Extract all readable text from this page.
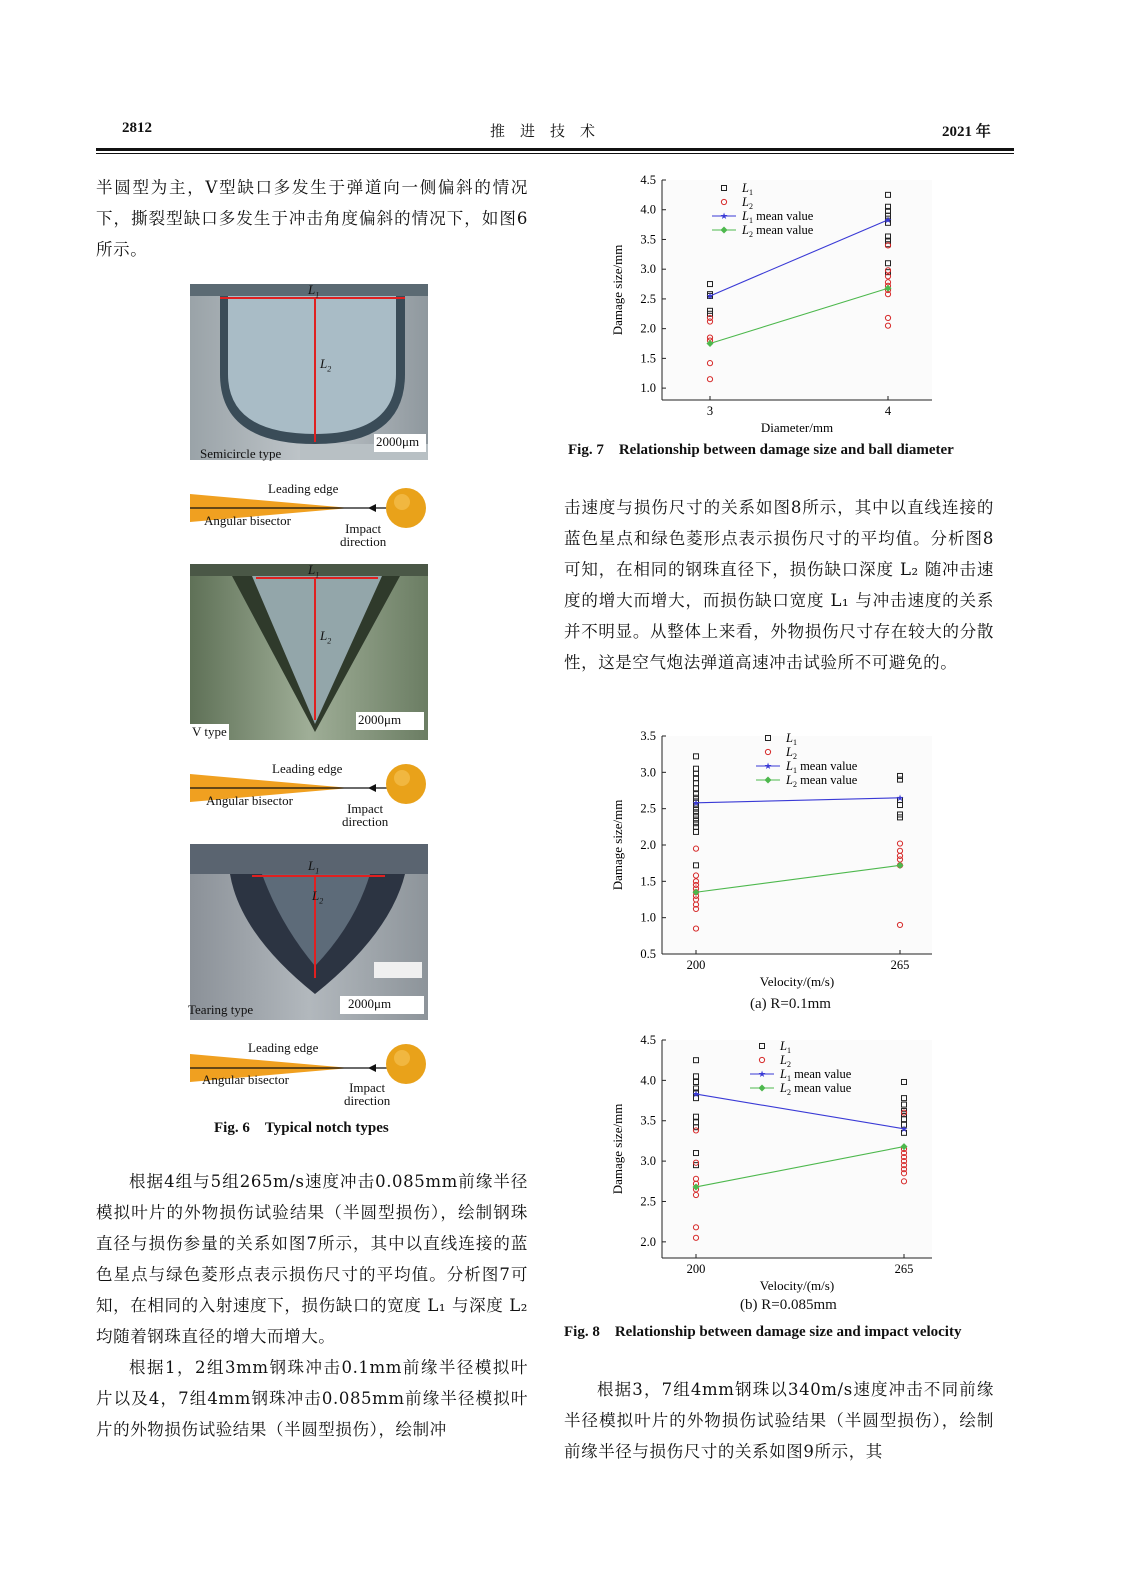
2812	推　进　技　术	2021 年

半圆型为主，V型缺口多发生于弹道向一侧偏斜的情况下，撕裂型缺口多发生于冲击角度偏斜的情况下，如图6所示。

$L_1$
$L_2$
2000μm
Semicircle type
Leading edge
Angular bisector
Impact
direction
$L_1$
$L_2$
2000μm
V type
Leading edge
Angular bisector
Impact
direction
$L_1$
$L_2$
2000μm
Tearing type
Leading edge
Angular bisector
Impact
direction
Fig. 6　Typical notch types

根据4组与5组265m/s速度冲击0.085mm前缘半径模拟叶片的外物损伤试验结果（半圆型损伤），绘制钢珠直径与损伤参量的关系如图7所示，其中以直线连接的蓝色星点与绿色菱形点表示损伤尺寸的平均值。分析图7可知，在相同的入射速度下，损伤缺口的宽度 L₁ 与深度 L₂ 均随着钢珠直径的增大而增大。

根据1，2组3mm钢珠冲击0.1mm前缘半径模拟叶片以及4，7组4mm钢珠冲击0.085mm前缘半径模拟叶片的外物损伤试验结果（半圆型损伤），绘制冲

1.0
1.5
2.0
2.5
3.0
3.5
4.0
4.5
3	4
Diameter/mm
Damage size/mm	★
★
$L_1$
$L_2$
★ $L_1$ mean value
$L_2$ mean value
Fig. 7　Relationship between damage size and ball diameter

击速度与损伤尺寸的关系如图8所示，其中以直线连接的蓝色星点和绿色菱形点表示损伤尺寸的平均值。分析图8可知，在相同的钢珠直径下，损伤缺口深度 L₂ 随冲击速度的增大而增大，而损伤缺口宽度 L₁ 与冲击速度的关系并不明显。从整体上来看，外物损伤尺寸存在较大的分散性，这是空气炮法弹道高速冲击试验所不可避免的。

0.5
1.0
1.5
2.0
2.5
3.0
3.5
200	265
Velocity/(m/s)
Damage size/mm	★
★
$L_1$
$L_2$
★ $L_1$ mean value
$L_2$ mean value
(a) R=0.1mm
2.0
2.5
3.0
3.5
4.0
4.5
200	265
Velocity/(m/s)
Damage size/mm
★
★
$L_1$
$L_2$
★ $L_1$ mean value
$L_2$ mean value
(b) R=0.085mm
Fig. 8　Relationship between damage size and impact velocity

根据3，7组4mm钢珠以340m/s速度冲击不同前缘半径模拟叶片的外物损伤试验结果（半圆型损伤），绘制前缘半径与损伤尺寸的关系如图9所示，其
